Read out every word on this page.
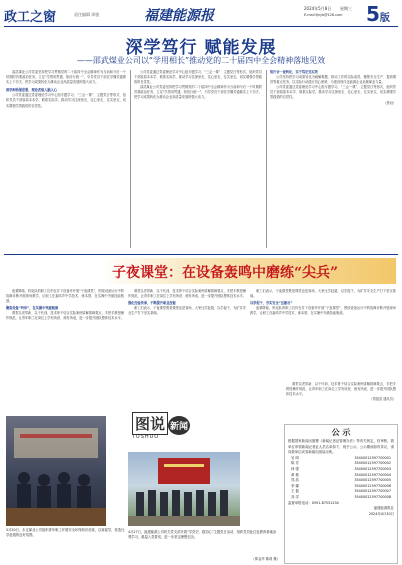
政工之窗	责任编辑 周骏	福建能源报	2024年5月8日 星期三
E-mail:fjnyb@126.com 5版
深学笃行 赋能发展
——邵武煤业公司以“学用相长”推动党的二十届四中全会精神落地见效

邵武煤业公司党委坚持把学习贯彻党的二十届四中全会精神作为当前和今后一个时期的首要政治任务，立足“学思用贯通、知信行统一”，引导党员干部在学懂弄通做实上下功夫，把学习成果转化为推动企业高质量发展的强大动力。

深学细悟强思想，理论武装入脑入心

公司党委通过党委理论学习中心组专题学习、“三会一课”、主题党日等形式，组织党员干部原原本本学、联系实际学，推动学习往深里走、往心里走、往实里走，切实增强学思践悟的自觉性。

公司党委通过党委理论学习中心组专题学习、“三会一课”、主题党日等形式，组织党员干部原原本本学、联系实际学，推动学习往深里走、往心里走、往实里走，切实增强学思践悟的自觉性。

邵武煤业公司党委坚持把学习贯彻党的二十届四中全会精神作为当前和今后一个时期的首要政治任务，立足“学思用贯通、知信行统一”，引导党员干部在学懂弄通做实上下功夫，把学习成果转化为推动企业高质量发展的强大动力。

知行合一促转化，实干笃定见实效

公司坚持把学习成果转化为破解难题、推动工作的实际成效，聚焦安全生产、提质增效等重点任务，以实际行动践行初心使命，为建设现代化能源企业贡献煤业力量。

公司党委通过党委理论学习中心组专题学习、“三会一课”、主题党日等形式，组织党员干部原原本本学、联系实际学，推动学习往深里走、往心里走、往实里走，切实增强学思践悟的自觉性。

（蔡冠）

子夜课堂：在设备轰鸣中磨练“尖兵”

夜幕降临，机电队的职工们仍在井下设备旁开展“子夜课堂”，围绕设备运行中的故障诊断开展现场教学，让职工在轰鸣声中学技术、练本领，在实操中突破技能瓶颈。

聚焦设备“听诊”，在实操中突破瓶颈

课堂以老带新、以干代训，技术骨干结合实际案例讲解排障要点，手把手教授操作规范，让青年职工在岗位上学有所获、练有所成，进一步提升团队整体技术水平。

课堂以老带新、以干代训，技术骨干结合实际案例讲解排障要点，手把手教授操作规范，让青年职工在岗位上学有所获、练有所成，进一步提升团队整体技术水平。

强化经验传承，不断提升职业技能

职工们表示，子夜课堂既是课堂也是赛场，大家比学赶超，以学促干，为矿井安全生产打下坚实基础。

职工们表示，子夜课堂既是课堂也是赛场，大家比学赶超，以学促干，为矿井安全生产打下坚实基础。

以学促干，夯实安全“压舱石”

夜幕降临，机电队的职工们仍在井下设备旁开展“子夜课堂”，围绕设备运行中的故障诊断开展现场教学，让职工在轰鸣声中学技术、练本领，在实操中突破技能瓶颈。

课堂以老带新、以干代训，技术骨干结合实际案例讲解排障要点，手把手教授操作规范，让青年职工在岗位上学有所获、练有所成，进一步提升团队整体技术水平。

（郑振富 通讯员）

图说 新闻
TUSHUO
5月20日，永定煤业公司组织青年职工开展安全环保知识竞赛，以赛促学，营造比学赶超的良好氛围。
4月27日，福建能源公司机关党支部开展“学党史、践初心”主题党日活动，组织党员赴红色教育基地参观学习，重温入党誓词，进一步坚定理想信念。
（廖金华 陈莉 摄）
公 示
根据国家新闻出版署《新闻记者证管理办法》等有关规定，经审核，我单位申领新闻记者证人员名单如下，现予公示。公示期间如有异议，请向我单位或省新闻出版局反映。
吴 明	35400012597700001
陈 芳	35400012597700002
林 强	35400012597700003
黄 敏	35400012597700004
郑 浩	35400012597700005
李 娜	35400012597700006
王 磊	35400012597700007
刘 洋	35400012597700008
监督举报电话：0591-87531234
福建能源报社
2024年4月30日
